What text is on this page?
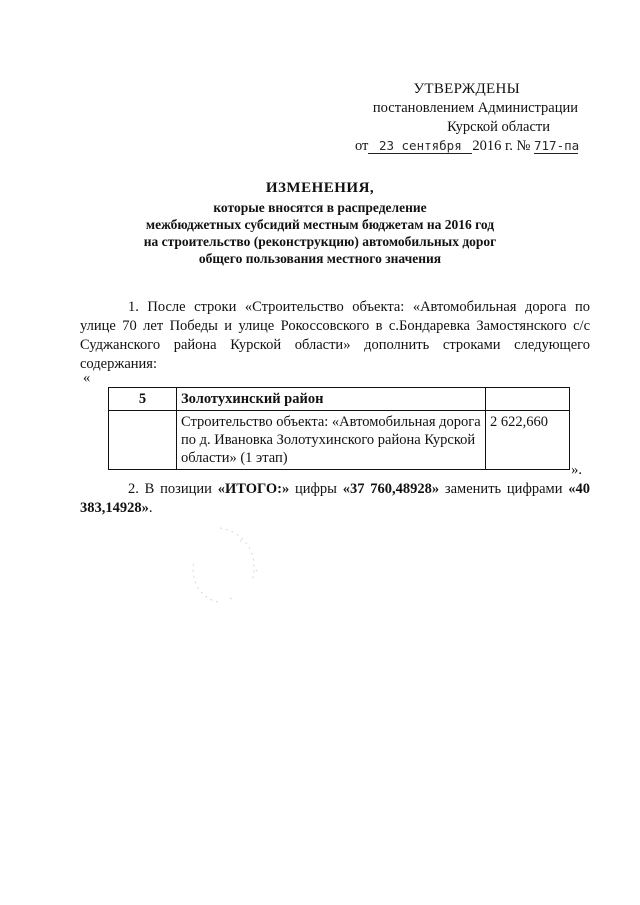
УТВЕРЖДЕНЫ
постановлением Администрации
Курской области
от 23 сентября 2016 г. № 717-па
ИЗМЕНЕНИЯ,
которые вносятся в распределение
межбюджетных субсидий местным бюджетам на 2016 год
на строительство (реконструкцию) автомобильных дорог
общего пользования местного значения
1. После строки «Строительство объекта: «Автомобильная дорога по улице 70 лет Победы и улице Рокоссовского в с.Бондаревка Замостянского с/с Суджанского района Курской области» дополнить строками следующего содержания:
«
5	Золотухинский район	
	Строительство объекта: «Автомобильная дорога по д. Ивановка Золотухинского района Курской области» (1 этап)	2 622,660
».
2. В позиции «ИТОГО:» цифры «37 760,48928» заменить цифрами «40 383,14928».
